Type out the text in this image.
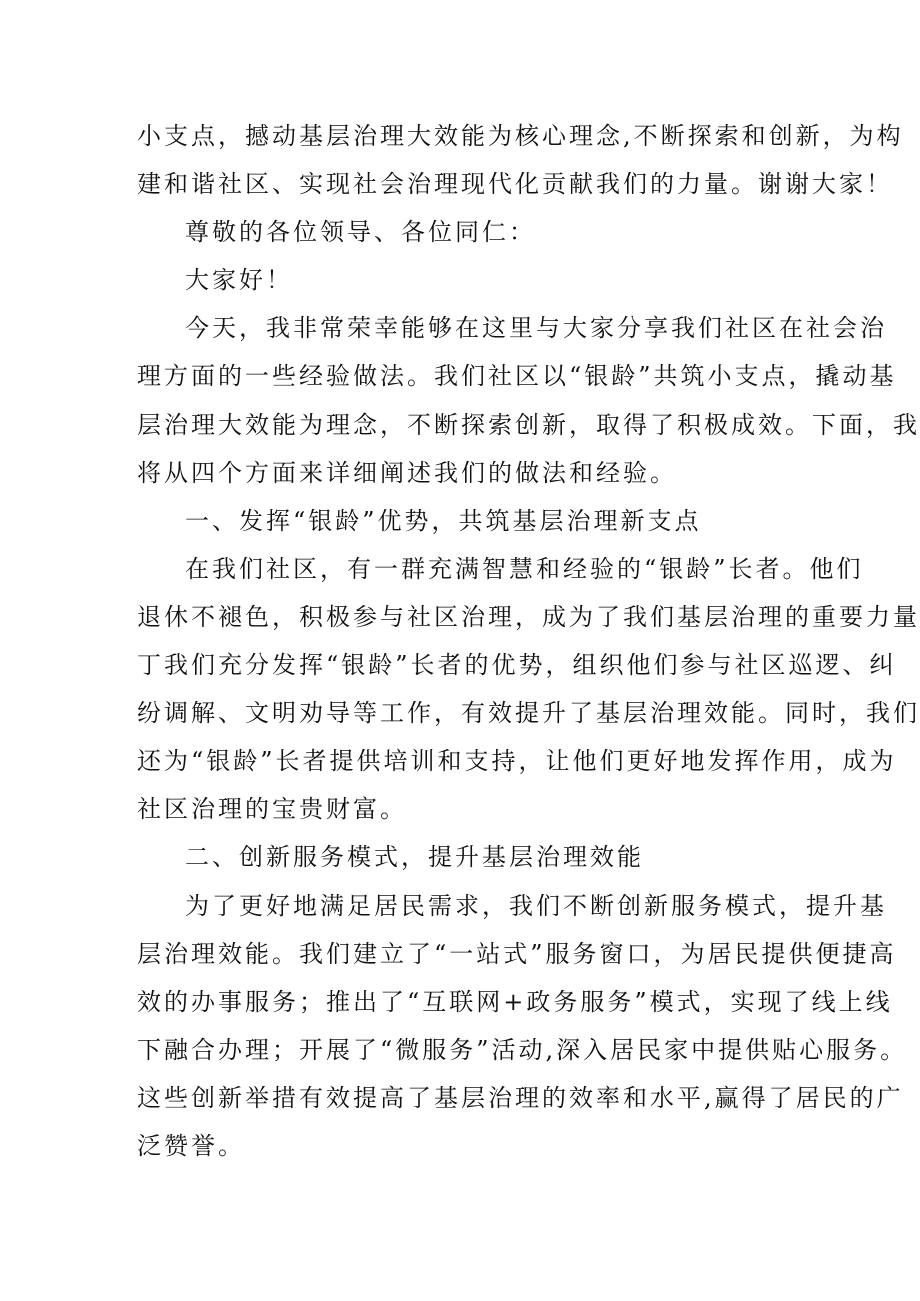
小支点，撼动基层治理大效能为核心理念,不断探索和创新，为构
建和谐社区、实现社会治理现代化贡献我们的力量。谢谢大家！
尊敬的各位领导、各位同仁：
大家好！
今天，我非常荣幸能够在这里与大家分享我们社区在社会治
理方面的一些经验做法。我们社区以“银龄”共筑小支点，撬动基
层治理大效能为理念，不断探索创新，取得了积极成效。下面，我
将从四个方面来详细阐述我们的做法和经验。
一、发挥“银龄”优势，共筑基层治理新支点
在我们社区，有一群充满智慧和经验的“银龄”长者。他们
退休不褪色，积极参与社区治理，成为了我们基层治理的重要力量
丁我们充分发挥“银龄”长者的优势，组织他们参与社区巡逻、纠
纷调解、文明劝导等工作，有效提升了基层治理效能。同时，我们
还为“银龄”长者提供培训和支持，让他们更好地发挥作用，成为
社区治理的宝贵财富。
二、创新服务模式，提升基层治理效能
为了更好地满足居民需求，我们不断创新服务模式，提升基
层治理效能。我们建立了“一站式”服务窗口，为居民提供便捷高
效的办事服务；推出了“互联网+政务服务”模式，实现了线上线
下融合办理；开展了“微服务”活动,深入居民家中提供贴心服务。
这些创新举措有效提高了基层治理的效率和水平,赢得了居民的广
泛赞誉。
